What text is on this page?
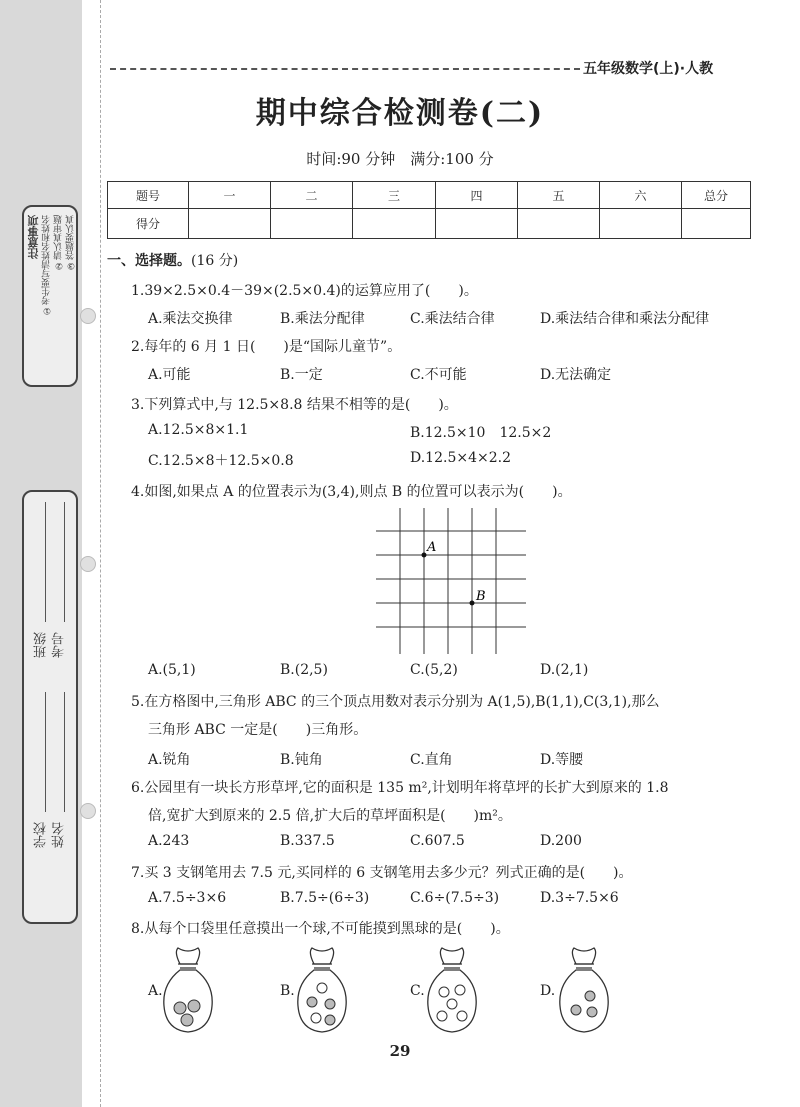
注意事项 ①考生要写清姓名和姓名 ②请认真审题 ③答题要认真
学校 姓名
班级 考号
五年级数学(上)·人教
期中综合检测卷(二)
时间:90 分钟　满分:100 分
题号	一	二	三	四	五	六	总分
得分							
一、选择题。(16 分)
1.39×2.5×0.4－39×(2.5×0.4)的运算应用了(　　)。
A.乘法交换律	B.乘法分配律	C.乘法结合律	D.乘法结合律和乘法分配律
2.每年的 6 月 1 日(　　)是“国际儿童节”。
A.可能	B.一定	C.不可能	D.无法确定
3.下列算式中,与 12.5×8.8 结果不相等的是(　　)。
A.12.5×8×1.1	B.12.5×10　12.5×2
C.12.5×8＋12.5×0.8	D.12.5×4×2.2
4.如图,如果点 A 的位置表示为(3,4),则点 B 的位置可以表示为(　　)。
A
B
A.(5,1)	B.(2,5)	C.(5,2)	D.(2,1)
5.在方格图中,三角形 ABC 的三个顶点用数对表示分别为 A(1,5),B(1,1),C(3,1),那么
三角形 ABC 一定是(　　)三角形。
A.锐角	B.钝角	C.直角	D.等腰
6.公园里有一块长方形草坪,它的面积是 135 m²,计划明年将草坪的长扩大到原来的 1.8
倍,宽扩大到原来的 2.5 倍,扩大后的草坪面积是(　　)m²。
A.243	B.337.5	C.607.5	D.200
7.买 3 支钢笔用去 7.5 元,买同样的 6 支钢笔用去多少元？列式正确的是(　　)。
A.7.5÷3×6	B.7.5÷(6÷3)	C.6÷(7.5÷3)	D.3÷7.5×6
8.从每个口袋里任意摸出一个球,不可能摸到黑球的是(　　)。
A.	B.	C.	D.
29
